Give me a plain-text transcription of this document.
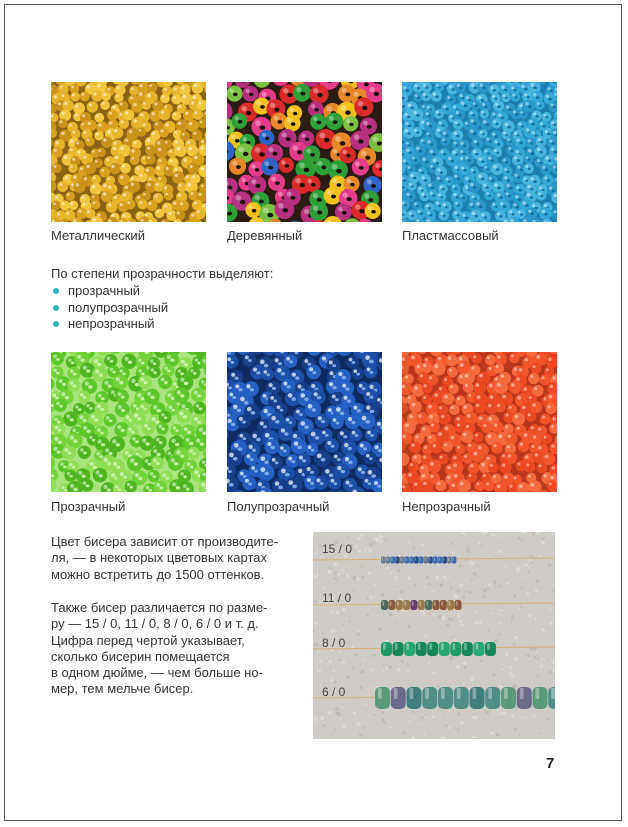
Металлический	Деревянный	Пластмассовый
По степени прозрачности выделяют:
прозрачный
полупрозрачный
непрозрачный
Прозрачный	Полупрозрачный	Непрозрачный
Цвет бисера зависит от производите-
ля, — в некоторых цветовых картах
можно встретить до 1500 оттенков.
Также бисер различается по разме-
ру — 15 / 0, 11 / 0, 8 / 0, 6 / 0 и т. д.
Цифра перед чертой указывает,
сколько бисерин помещается
в одном дюйме, — чем больше но-
мер, тем мельче бисер.
15 / 0
11 / 0
8 / 0
6 / 0
7
